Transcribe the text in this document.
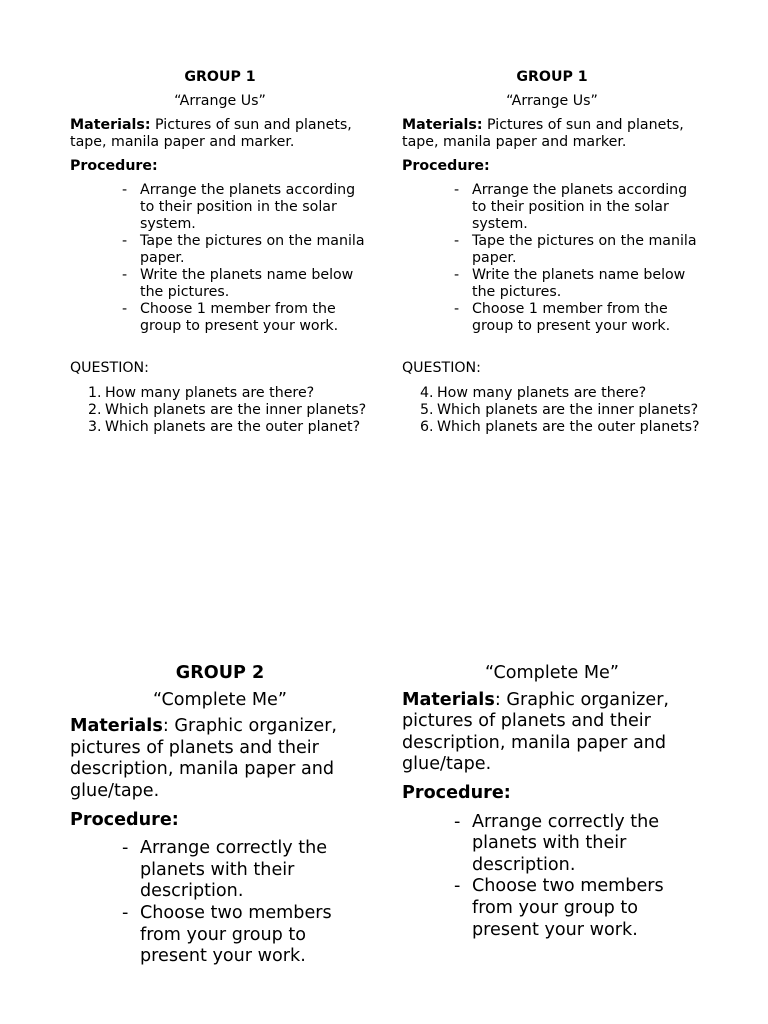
GROUP 1
“Arrange Us”
Materials: Pictures of sun and planets, tape, manila paper and marker.
Procedure:
- Arrange the planets according to their position in the solar system.
- Tape the pictures on the manila paper.
- Write the planets name below the pictures.
- Choose 1 member from the group to present your work.
QUESTION:
1. How many planets are there?
2. Which planets are the inner planets?
3. Which planets are the outer planet?
GROUP 1
“Arrange Us”
Materials: Pictures of sun and planets, tape, manila paper and marker.
Procedure:
- Arrange the planets according to their position in the solar system.
- Tape the pictures on the manila paper.
- Write the planets name below the pictures.
- Choose 1 member from the group to present your work.
QUESTION:
4. How many planets are there?
5. Which planets are the inner planets?
6. Which planets are the outer planets?
GROUP 2
“Complete Me”
Materials: Graphic organizer, pictures of planets and their description, manila paper and glue/tape.
Procedure:
- Arrange correctly the planets with their description.
- Choose two members from your group to present your work.
“Complete Me”
Materials: Graphic organizer, pictures of planets and their description, manila paper and glue/tape.
Procedure:
- Arrange correctly the planets with their description.
- Choose two members from your group to present your work.
